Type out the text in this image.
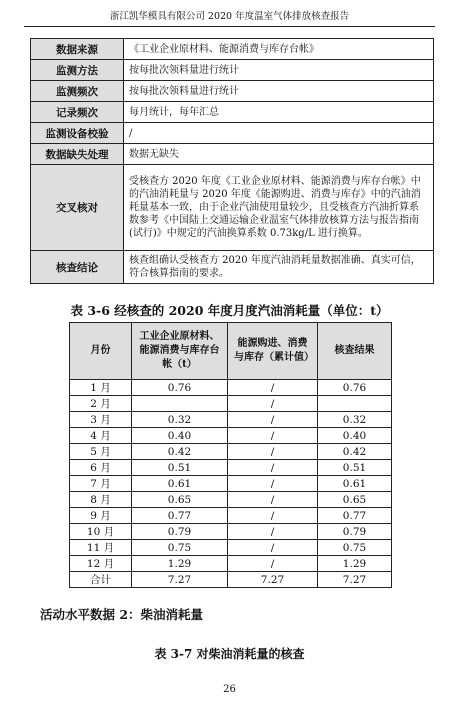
浙江凯华模具有限公司 2020 年度温室气体排放核查报告
数据来源	《工业企业原材料、能源消费与库存台帐》
监测方法	按每批次领料量进行统计
监测频次	按每批次领料量进行统计
记录频次	每月统计，每年汇总
监测设备校验	/
数据缺失处理	数据无缺失
交叉核对	受核查方 2020 年度《工业企业原材料、能源消费与库存台帐》中的汽油消耗量与 2020 年度《能源购进、消费与库存》中的汽油消耗量基本一致，由于企业汽油使用量较少，且受核查方汽油折算系数参考《中国陆上交通运输企业温室气体排放核算方法与报告指南(试行)》中规定的汽油换算系数 0.73kg/L 进行换算。
核查结论	核查组确认受核查方 2020 年度汽油消耗量数据准确、真实可信，符合核算指南的要求。
表 3-6 经核查的 2020 年度月度汽油消耗量（单位：t）
月份	工业企业原材料、能源消费与库存台帐（t）	能源购进、消费与库存（累计值）	核查结果
1 月	0.76	/	0.76
2 月		/	
3 月	0.32	/	0.32
4 月	0.40	/	0.40
5 月	0.42	/	0.42
6 月	0.51	/	0.51
7 月	0.61	/	0.61
8 月	0.65	/	0.65
9 月	0.77	/	0.77
10 月	0.79	/	0.79
11 月	0.75	/	0.75
12 月	1.29	/	1.29
合计	7.27	7.27	7.27
活动水平数据 2：柴油消耗量
表 3-7 对柴油消耗量的核查
26
